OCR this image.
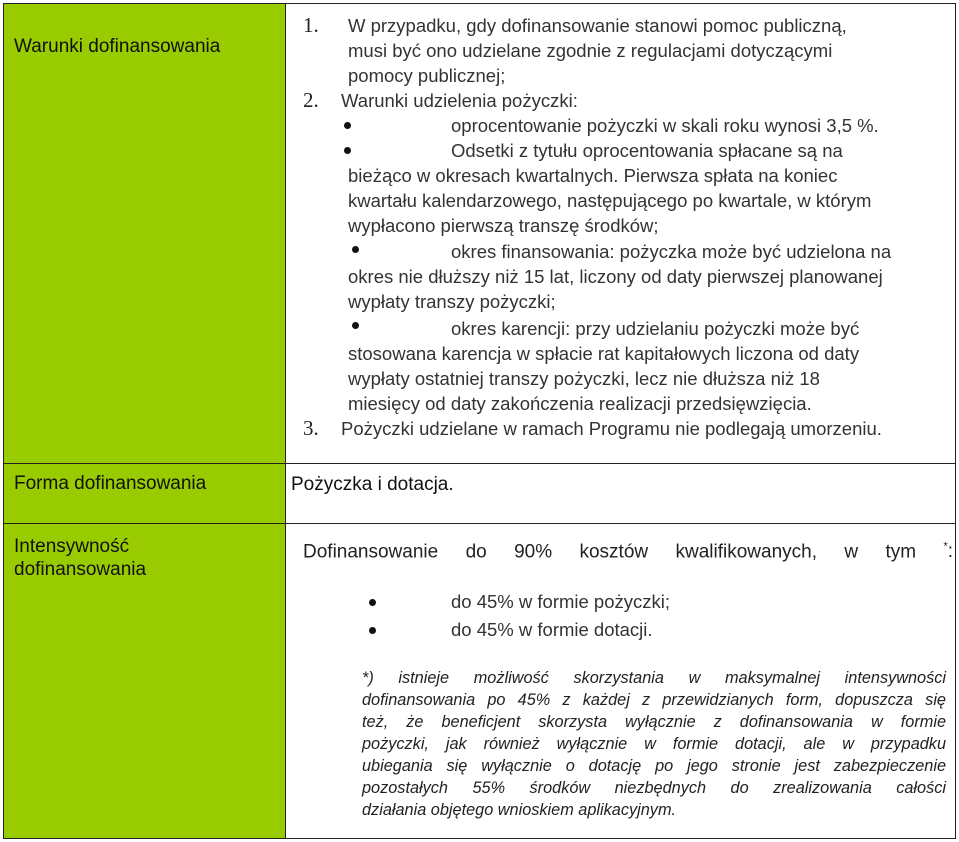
Warunki dofinansowania
Forma dofinansowania
Intensywność
dofinansowania
1. W przypadku, gdy dofinansowanie stanowi pomoc publiczną,
musi być ono udzielane zgodnie z regulacjami dotyczącymi
pomocy publicznej;
2. Warunki udzielenia pożyczki:
oprocentowanie pożyczki w skali roku wynosi 3,5 %.
Odsetki z tytułu oprocentowania spłacane są na
bieżąco w okresach kwartalnych. Pierwsza spłata na koniec
kwartału kalendarzowego, następującego po kwartale, w którym
wypłacono pierwszą transzę środków;
okres finansowania: pożyczka może być udzielona na
okres nie dłuższy niż 15 lat, liczony od daty pierwszej planowanej
wypłaty transzy pożyczki;
okres karencji: przy udzielaniu pożyczki może być
stosowana karencja w spłacie rat kapitałowych liczona od daty
wypłaty ostatniej transzy pożyczki, lecz nie dłuższa niż 18
miesięcy od daty zakończenia realizacji przedsięwzięcia.
3. Pożyczki udzielane w ramach Programu nie podlegają umorzeniu.
Pożyczka i dotacja.
Dofinansowanie do 90% kosztów kwalifikowanych, w tym *:
do 45% w formie pożyczki;
do 45% w formie dotacji.
*) istnieje możliwość skorzystania w maksymalnej intensywności
dofinansowania po 45% z każdej z przewidzianych form, dopuszcza się
też, że beneficjent skorzysta wyłącznie z dofinansowania w formie
pożyczki, jak również wyłącznie w formie dotacji, ale w przypadku
ubiegania się wyłącznie o dotację po jego stronie jest zabezpieczenie
pozostałych 55% środków niezbędnych do zrealizowania całości
działania objętego wnioskiem aplikacyjnym.
